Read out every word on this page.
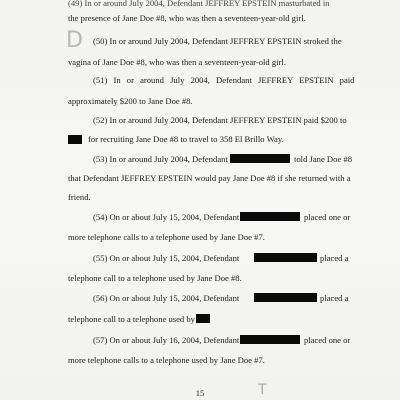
(49) In or around July 2004, Defendant JEFFREY EPSTEIN masturbated in
the presence of Jane Doe #8, who was then a seventeen-year-old girl.
D (50) In or around July 2004, Defendant JEFFREY EPSTEIN stroked the
vagina of Jane Doe #8, who was then a seventeen-year-old girl.
(51) In or around July 2004, Defendant JEFFREY EPSTEIN paid
approximately $200 to Jane Doe #8.
(52) In or around July 2004, Defendant JEFFREY EPSTEIN paid $200 to
for recruiting Jane Doe #8 to travel to 358 El Brillo Way.
(53) In or around July 2004, Defendant	told Jane Doe #8
that Defendant JEFFREY EPSTEIN would pay Jane Doe #8 if she returned with a
friend.
(54) On or about July 15, 2004, Defendant	placed one or
more telephone calls to a telephone used by Jane Doe #7.
(55) On or about July 15, 2004, Defendant	placed a
telephone call to a telephone used by Jane Doe #8.
(56) On or about July 15, 2004, Defendant	placed a
telephone call to a telephone used by
(57) On or about July 16, 2004, Defendant	placed one or
more telephone calls to a telephone used by Jane Doe #7.
15	T
